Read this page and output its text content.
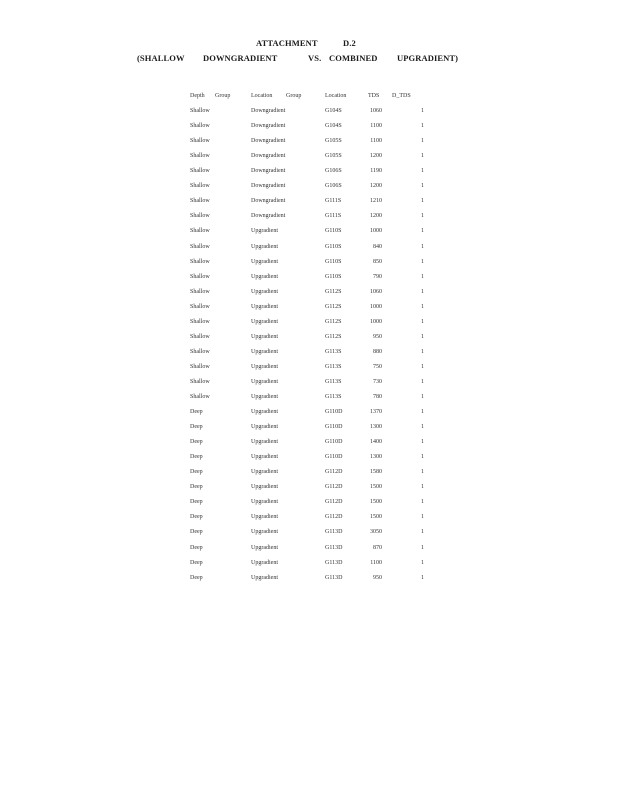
ATTACHMENT	D.2
(SHALLOW DOWNGRADIENT	VS. COMBINED UPGRADIENT)
Depth Group	Location Group	Location	TDS D_TDS
Shallow	Downgradient	G104S	1060	1
Shallow	Downgradient	G104S	1100	1
Shallow	Downgradient	G105S	1100	1
Shallow	Downgradient	G105S	1200	1
Shallow	Downgradient	G106S	1190	1
Shallow	Downgradient	G106S	1200	1
Shallow	Downgradient	G111S	1210	1
Shallow	Downgradient	G111S	1200	1
Shallow	Upgradient	G110S	1000	1
Shallow	Upgradient	G110S	840	1
Shallow	Upgradient	G110S	850	1
Shallow	Upgradient	G110S	790	1
Shallow	Upgradient	G112S	1060	1
Shallow	Upgradient	G112S	1000	1
Shallow	Upgradient	G112S	1000	1
Shallow	Upgradient	G112S	950	1
Shallow	Upgradient	G113S	880	1
Shallow	Upgradient	G113S	750	1
Shallow	Upgradient	G113S	730	1
Shallow	Upgradient	G113S	780	1
Deep	Upgradient	G110D	1370	1
Deep	Upgradient	G110D	1300	1
Deep	Upgradient	G110D	1400	1
Deep	Upgradient	G110D	1300	1
Deep	Upgradient	G112D	1580	1
Deep	Upgradient	G112D	1500	1
Deep	Upgradient	G112D	1500	1
Deep	Upgradient	G112D	1500	1
Deep	Upgradient	G113D	3050	1
Deep	Upgradient	G113D	870	1
Deep	Upgradient	G113D	1100	1
Deep	Upgradient	G113D	950	1
